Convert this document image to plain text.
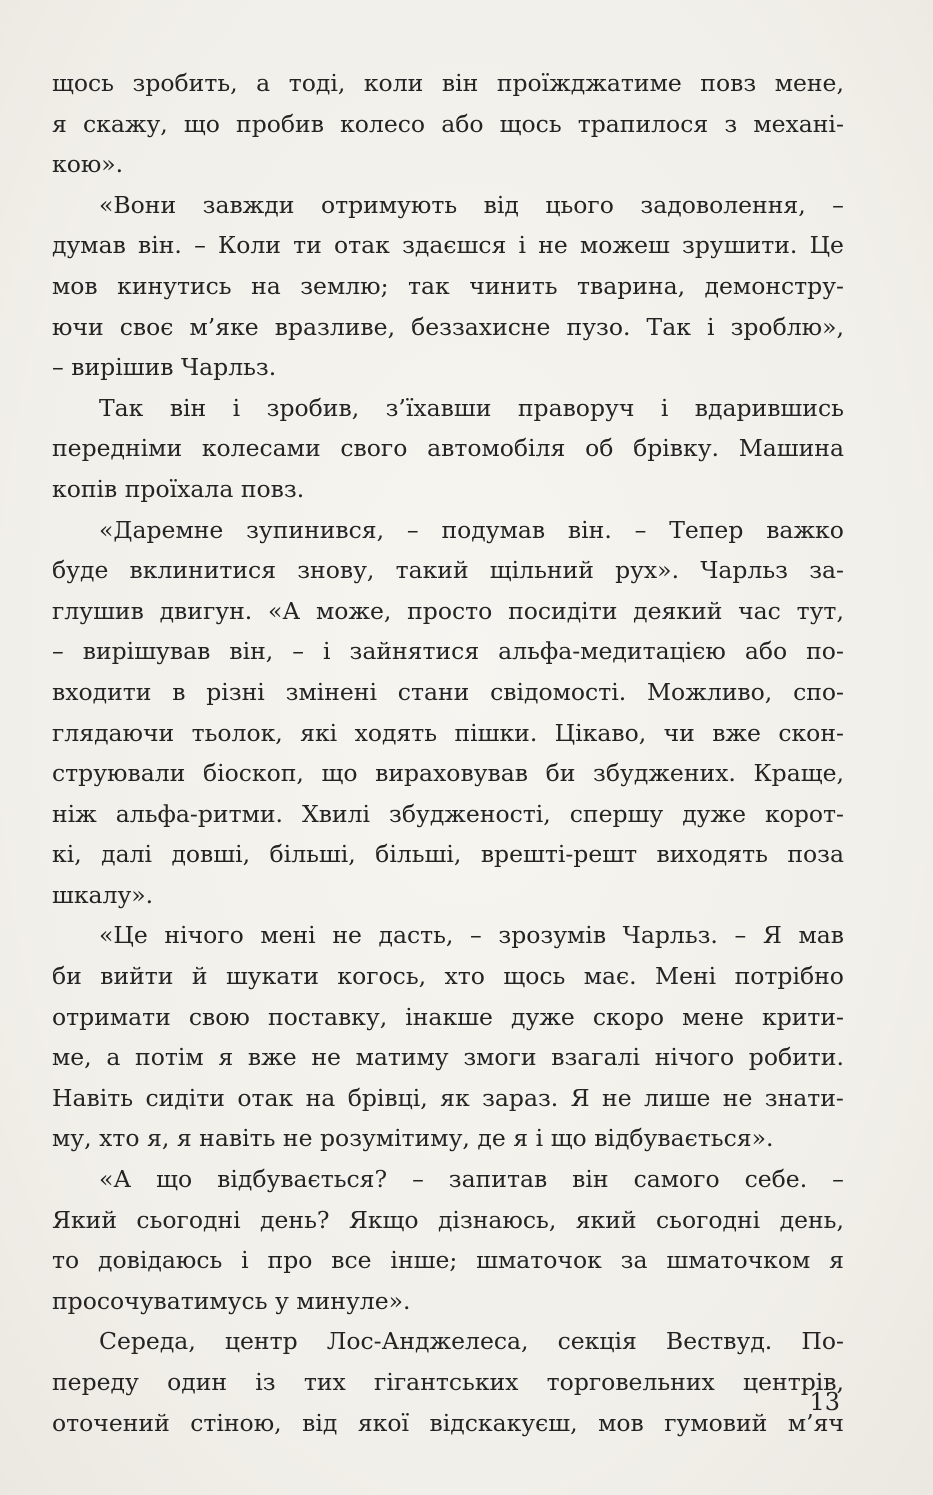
щось зробить, а тоді, коли він проїжджатиме повз мене,
я скажу, що пробив колесо або щось трапилося з механі-
кою».
«Вони завжди отримують від цього задоволення, –
думав він. – Коли ти отак здаєшся і не можеш зрушити. Це
мов кинутись на землю; так чинить тварина, демонстру-
ючи своє м’яке вразливе, беззахисне пузо. Так і зроблю»,
– вирішив Чарльз.
Так він і зробив, з’їхавши праворуч і вдарившись
передніми колесами свого автомобіля об брівку. Машина
копів проїхала повз.
«Даремне зупинився, – подумав він. – Тепер важко
буде вклинитися знову, такий щільний рух». Чарльз за-
глушив двигун. «А може, просто посидіти деякий час тут,
– вирішував він, – і зайнятися альфа-медитацією або по-
входити в різні змінені стани свідомості. Можливо, спо-
глядаючи тьолок, які ходять пішки. Цікаво, чи вже скон-
струювали біоскоп, що вираховував би збуджених. Краще,
ніж альфа-ритми. Хвилі збудженості, спершу дуже корот-
кі, далі довші, більші, більші, врешті-решт виходять поза
шкалу».
«Це нічого мені не дасть, – зрозумів Чарльз. – Я мав
би вийти й шукати когось, хто щось має. Мені потрібно
отримати свою поставку, інакше дуже скоро мене крити-
ме, а потім я вже не матиму змоги взагалі нічого робити.
Навіть сидіти отак на брівці, як зараз. Я не лише не знати-
му, хто я, я навіть не розумітиму, де я і що відбувається».
«А що відбувається? – запитав він самого себе. –
Який сьогодні день? Якщо дізнаюсь, який сьогодні день,
то довідаюсь і про все інше; шматочок за шматочком я
просочуватимусь у минуле».
Середа, центр Лос-Анджелеса, секція Вествуд. По-
переду один із тих гігантських торговельних центрів,
оточений стіною, від якої відскакуєш, мов гумовий м’яч
13
